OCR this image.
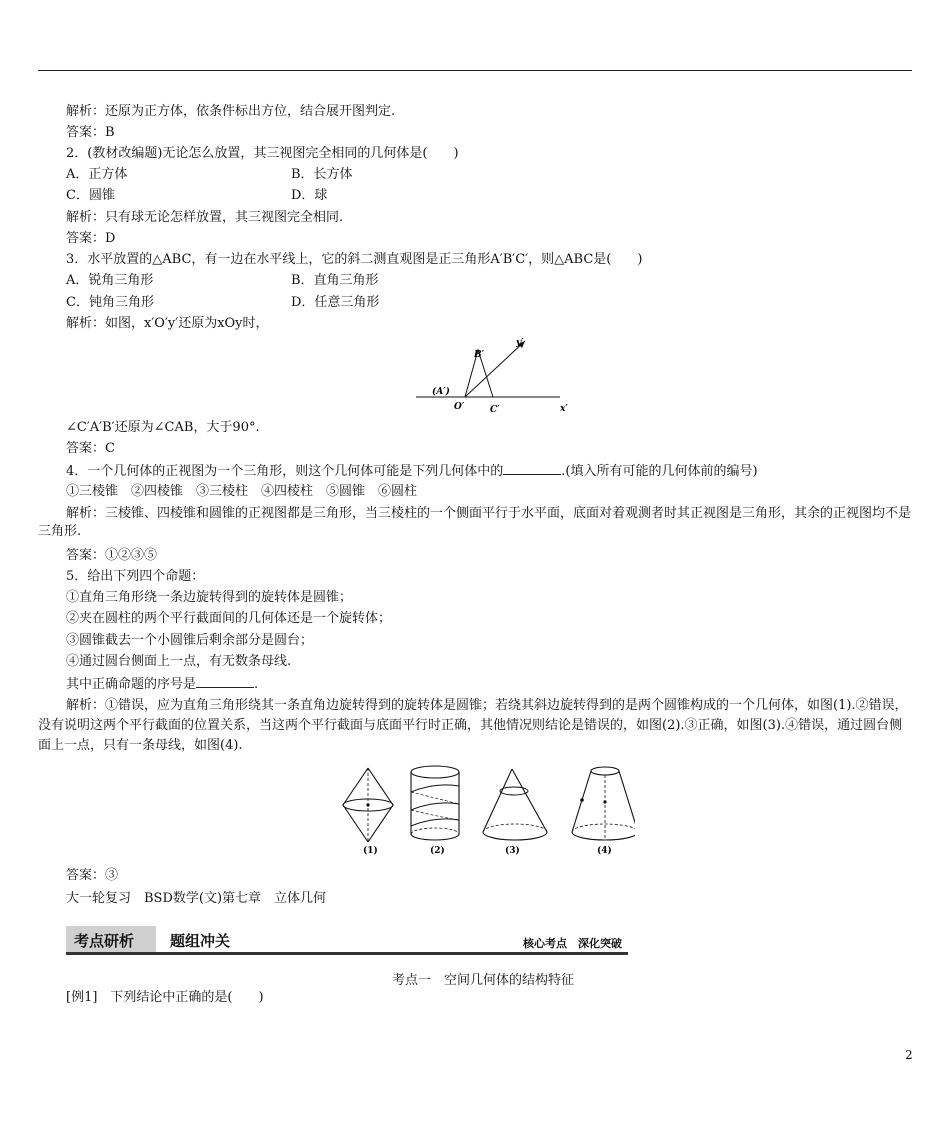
解析：还原为正方体，依条件标出方位，结合展开图判定.
答案：B
2．(教材改编题)无论怎么放置，其三视图完全相同的几何体是(　　)
A．正方体	B．长方体
C．圆锥	D．球
解析：只有球无论怎样放置，其三视图完全相同.
答案：D
3．水平放置的△ABC，有一边在水平线上，它的斜二测直观图是正三角形A′B′C′，则△ABC是(　　)
A．锐角三角形	B．直角三角形
C．钝角三角形	D．任意三角形
解析：如图，x′O′y′还原为xOy时，
y′
x′
B′
(A′)
O′	C′
∠C′A′B′还原为∠CAB，大于90°.
答案：C
4．一个几何体的正视图为一个三角形，则这个几何体可能是下列几何体中的	.(填入所有可能的几何体前的编号)
①三棱锥　②四棱锥　③三棱柱　④四棱柱　⑤圆锥　⑥圆柱
解析：三棱锥、四棱锥和圆锥的正视图都是三角形，当三棱柱的一个侧面平行于水平面，底面对着观测者时其正视图是三角形，其余的正视图均不是三角形.
答案：①②③⑤
5．给出下列四个命题：
①直角三角形绕一条边旋转得到的旋转体是圆锥；
②夹在圆柱的两个平行截面间的几何体还是一个旋转体；
③圆锥截去一个小圆锥后剩余部分是圆台；
④通过圆台侧面上一点，有无数条母线.
其中正确命题的序号是	.
解析：①错误，应为直角三角形绕其一条直角边旋转得到的旋转体是圆锥；若绕其斜边旋转得到的是两个圆锥构成的一个几何体，如图(1).②错误，没有说明这两个平行截面的位置关系，当这两个平行截面与底面平行时正确，其他情况则结论是错误的，如图(2).③正确，如图(3).④错误，通过圆台侧面上一点，只有一条母线，如图(4).
(1)	(2)	(3)	(4)
答案：③
大一轮复习　BSD数学(文)第七章　立体几何
考点研析 题组冲关	核心考点　深化突破
考点一　空间几何体的结构特征
[例1]　下列结论中正确的是(　　)
2
